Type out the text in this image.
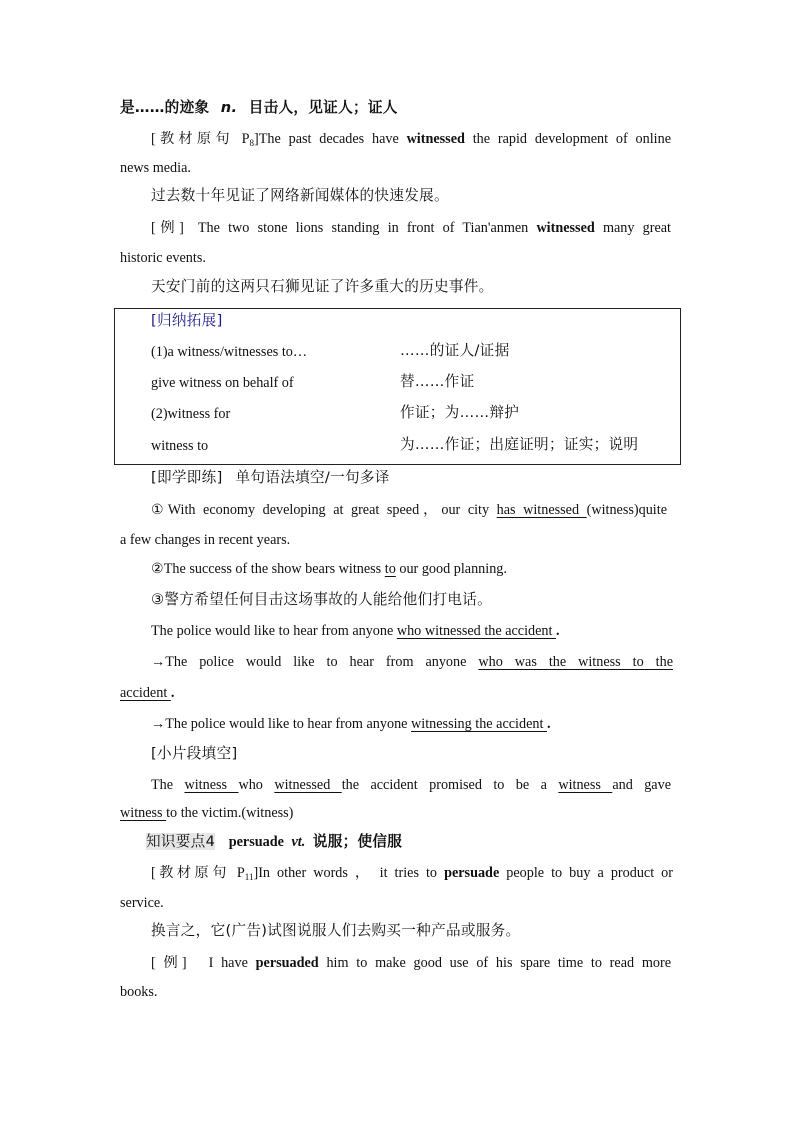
是……的迹象 n. 目击人，见证人；证人
[教材原句 $P_8]The$ past decades have witnessed the rapid development of online
news media.
过去数十年见证了网络新闻媒体的快速发展。
[例] The two stone lions standing in front of Tian'anmen witnessed many great
historic events.
天安门前的这两只石狮见证了许多重大的历史事件。
[归纳拓展]
(1)a witness/witnesses to…	……的证人/证据
give witness on behalf of	替……作证
(2)witness for	作证；为……辩护
witness to	为……作证；出庭证明；证实；说明
[即学即练] 单句语法填空/一句多译
①With economy developing at great speed，our city has witnessed (witness)quite
a few changes in recent years.
②The success of the show bears witness to our good planning.
③警方希望任何目击这场事故的人能给他们打电话。
The police would like to hear from anyone who witnessed the accident .
→The police would like to hear from anyone who was the witness to the
accident .
→The police would like to hear from anyone witnessing the accident .
[小片段填空]
The witness who witnessed the accident promised to be a witness and gave
witness to the victim.(witness)
知识要点4 persuade vt. 说服；使信服
[教材原句 $P_{11}]In$ other words ， it tries to persuade people to buy a product or
service.
换言之，它(广告)试图说服人们去购买一种产品或服务。
[ 例] I have persuaded him to make good use of his spare time to read more
books.
